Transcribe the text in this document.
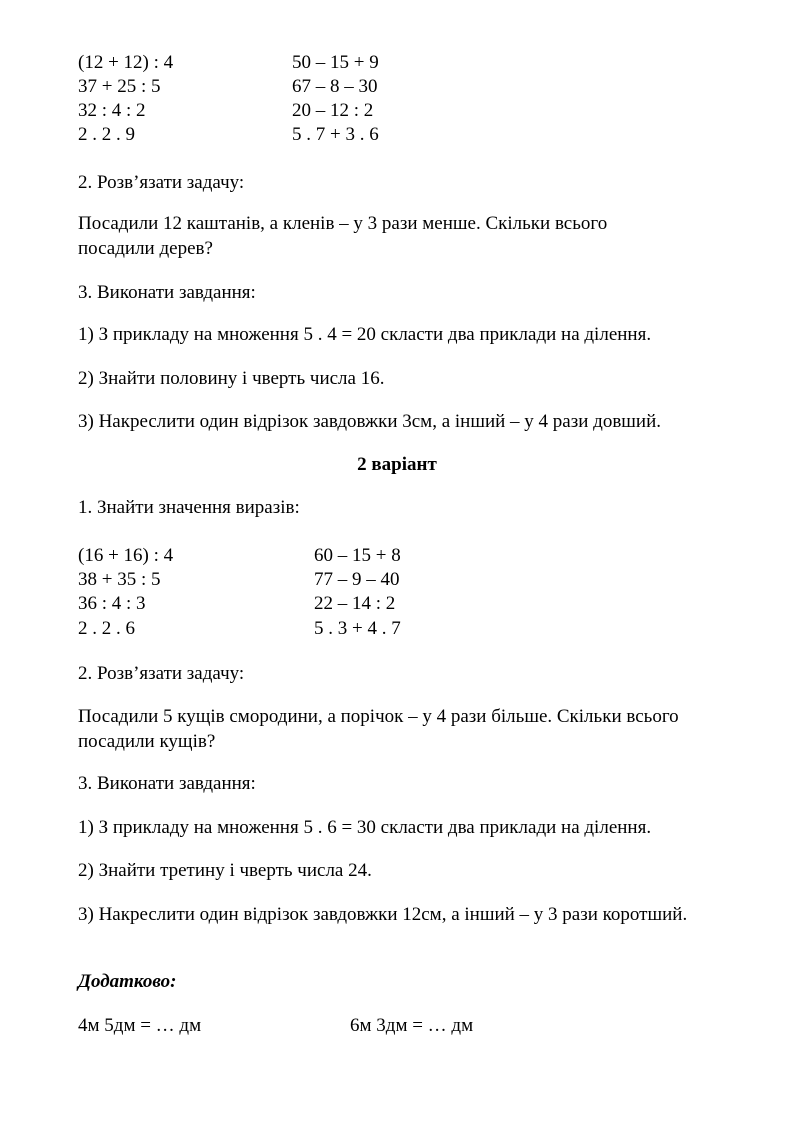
(12 + 12) : 4	50 – 15 + 9
37 + 25 : 5	67 – 8 – 30
32 : 4 : 2	20 – 12 : 2
2 . 2 . 9	5 . 7 + 3 . 6
2. Розв’язати задачу:
Посадили 12 каштанів, а кленів – у 3 рази менше. Скільки всього посадили дерев?
3. Виконати завдання:
1) З прикладу на множення 5 . 4 = 20 скласти два приклади на ділення.
2) Знайти половину і чверть числа 16.
3) Накреслити один відрізок завдовжки 3см, а інший – у 4 рази довший.
2 варіант
1. Знайти значення виразів:
(16 + 16) : 4	60 – 15 + 8
38 + 35 : 5	77 – 9 – 40
36 : 4 : 3	22 – 14 : 2
2 . 2 . 6	5 . 3 + 4 . 7
2. Розв’язати задачу:
Посадили 5 кущів смородини, а порічок – у 4 рази більше. Скільки всього посадили кущів?
3. Виконати завдання:
1) З прикладу на множення 5 . 6 = 30 скласти два приклади на ділення.
2) Знайти третину і чверть числа 24.
3) Накреслити один відрізок завдовжки 12см, а інший – у 3 рази коротший.
Додатково:
4м 5дм = … дм	6м 3дм = … дм
